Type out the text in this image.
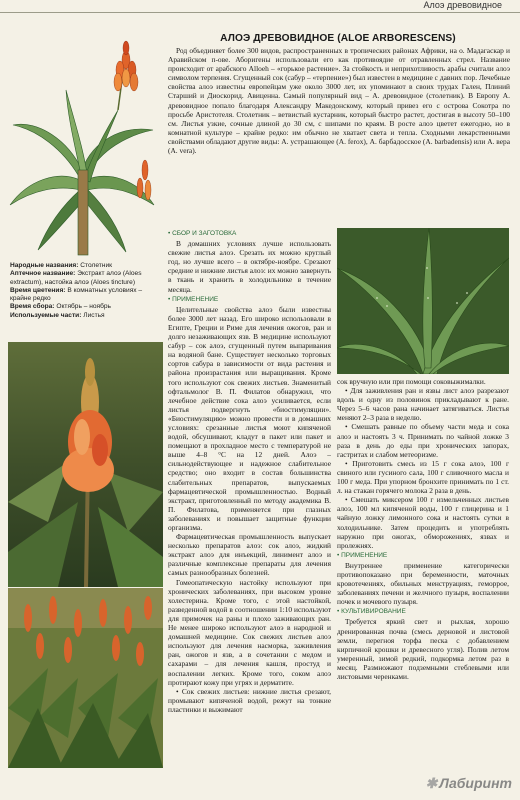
Алоэ древовидное
Народные названия: Столетник
Аптечное название: Экстракт алоэ (Aloes extractum), настойка алоэ (Aloes tincture)
Время цветения: В комнатных условиях – крайне редко
Время сбора: Октябрь – ноябрь
Используемые части: Листья
АЛОЭ ДРЕВОВИДНОЕ (ALOE ARBORESCENS)

Род объединяет более 300 видов, распространенных в тропических районах Африки, на о. Мадагаскар и Аравийском п-ове. Аборигены использовали его как противоядие от отравленных стрел. Название происходит от арабского Alloeh – «горькое растение». За стойкость и неприхотливость арабы считали алоэ символом терпения. Сгущенный сок (сабур – «терпение») был известен в медицине с давних пор. Лечебные свойства алоэ известны европейцам уже около 3000 лет, их упоминают в своих трудах Гален, Плиний Старший и Диоскорид. Авиценна. Самый популярный вид – A. древовидное (столетник). В Европу A. древовидное попало благодаря Александру Македонскому, который привез его с острова Сокотра по просьбе Аристотеля. Столетник – ветвистый кустарник, который быстро растет, достигая в высоту 50–100 см. Листья узкие, сочные длиной до 30 см, с шипами по краям. В росте алоэ цветет ежегодно, но в комнатной культуре – крайне редко: им обычно не хватает света и тепла. Сходными лекарственными свойствами обладают другие виды: A. устрашающее (A. ferox), A. барбадосское (A. barbadensis) или A. вера (A. vera).

• СБОР И ЗАГОТОВКА

В домашних условиях лучше использовать свежие листья алоэ. Срезать их можно круглый год, но лучше всего – в октябре-ноябре. Срезают средние и нижние листья алоэ: их можно завернуть в ткань и хранить в холодильнике в течение месяца.

• ПРИМЕНЕНИЕ

Целительные свойства алоэ были известны более 3000 лет назад. Его широко использовали в Египте, Греции и Риме для лечения ожогов, ран и долго незаживающих язв. В медицине используют сабур – сок алоэ, сгущенный путем выпаривания на водяной бане. Существует несколько торговых сортов сабура в зависимости от вида растения и района произрастания или выращивания. Кроме того используют сок свежих листьев. Знаменитый офтальмолог В. П. Филатов обнаружил, что лечебное действие сока алоэ усиливается, если листья подвергнуть «биостимуляции». «Биостимуляцию» можно провести и в домашних условиях: срезанные листья моют кипяченой водой, обсушивают, кладут в пакет или пакет и помещают в прохладное место с температурой не выше 4–8 °С на 12 дней. Алоэ – сильнодействующее и надежное слабительное средство; оно входит в состав большинства слабительных препаратов, выпускаемых фармацевтической промышленностью. Водный экстракт, приготовленный по методу академика В. П. Филатова, применяется при глазных заболеваниях и повышает защитные функции организма.

Фармацевтическая промышленность выпускает несколько препаратов алоэ: сок алоэ, жидкий экстракт алоэ для инъекций, линимент алоэ и различные комплексные препараты для лечения самых разнообразных болезней.

Гомеопатическую настойку используют при хронических заболеваниях, при высоком уровне холестерина. Кроме того, с этой настойкой, разведенной водой в соотношении 1:10 используют для примочек на раны и плохо заживающих ран. Не менее широко используют алоэ в народной и домашней медицине. Сок свежих листьев алоэ используют для лечения насморка, заживления ран, ожогов и язв, а в сочетании с медом и сахарами – для лечения кашля, простуд и воспалении легких. Кроме того, соком алоэ протирают кожу при угрях и дерматите.

• Сок свежих листьев: нижние листья срезают, промывают кипяченой водой, режут на тонкие пластинки и выжимают

сок вручную или при помощи соковыжималки.

• Для заживления ран и язвы лист алоэ разрезают вдоль и одну из половинок прикладывают к ране. Через 5–6 часов рана начинает затягиваться. Листья меняют 2–3 раза в неделю.

• Смешать равные по объему части меда и сока алоэ и настоять 3 ч. Принимать по чайной ложке 3 раза в день до еды при хронических запорах, гастритах и слабом метеоризме.

• Приготовить смесь из 15 г сока алоэ, 100 г свиного или гусиного сала, 100 г сливочного масла и 100 г меда. При упорном бронхите принимать по 1 ст. л. на стакан горячего молока 2 раза в день.

• Смешать миксером 100 г измельченных листьев алоэ, 100 мл кипяченой воды, 100 г глицерина и 1 чайную ложку лимонного сока и настоять сутки в холодильнике. Затем процедить и употреблять наружно при ожогах, обморожениях, язвах и пролежнях.

• ПРИМЕНЕНИЕ

Внутреннее применение категорически противопоказано при беременности, маточных кровотечениях, обильных менструациях, геморрое, заболеваниях печени и желчного пузыря, воспалении почек и мочевого пузыря.

• КУЛЬТИВИРОВАНИЕ

Требуется яркий свет и рыхлая, хорошо дренированная почва (смесь дерновой и листовой земли, перегноя торфа песка с добавлением кирпичной крошки и древесного угля). Полив летом умеренный, зимой редкий, подкормка летом раз в месяц. Размножают подземными стеблевыми или листовыми черенками.

✱ Лабиринт
